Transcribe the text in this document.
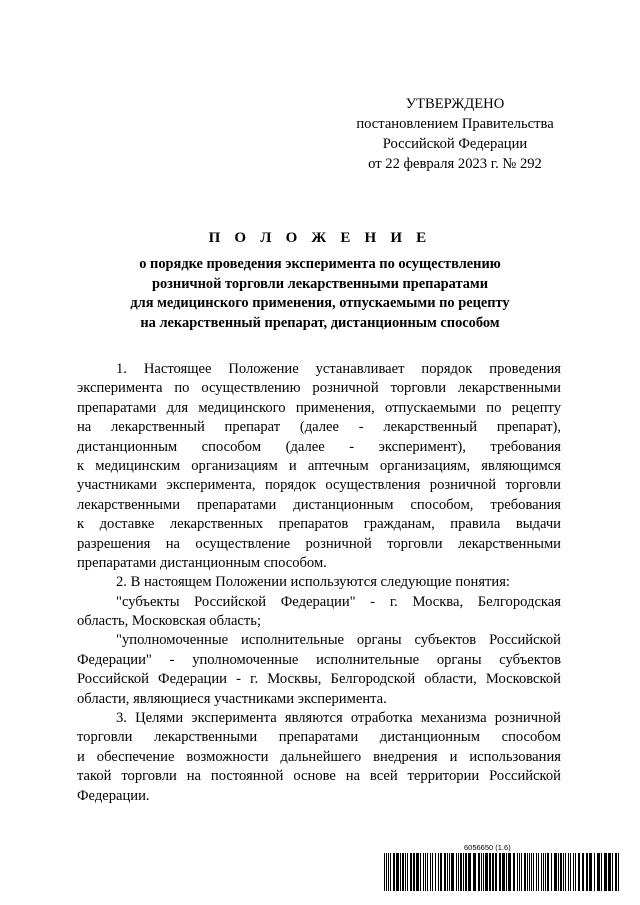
УТВЕРЖДЕНО
постановлением Правительства
Российской Федерации
от 22 февраля 2023 г. № 292
П О Л О Ж Е Н И Е
о порядке проведения эксперимента по осуществлению
розничной торговли лекарственными препаратами
для медицинского применения, отпускаемыми по рецепту
на лекарственный препарат, дистанционным способом
1. Настоящее Положение устанавливает порядок проведения
эксперимента по осуществлению розничной торговли лекарственными
препаратами для медицинского применения, отпускаемыми по рецепту
на лекарственный препарат (далее - лекарственный препарат),
дистанционным способом (далее - эксперимент), требования
к медицинским организациям и аптечным организациям, являющимся
участниками эксперимента, порядок осуществления розничной торговли
лекарственными препаратами дистанционным способом, требования
к доставке лекарственных препаратов гражданам, правила выдачи
разрешения на осуществление розничной торговли лекарственными
препаратами дистанционным способом.
2. В настоящем Положении используются следующие понятия:
"субъекты Российской Федерации" - г. Москва, Белгородская
область, Московская область;
"уполномоченные исполнительные органы субъектов Российской
Федерации" - уполномоченные исполнительные органы субъектов
Российской Федерации - г. Москвы, Белгородской области, Московской
области, являющиеся участниками эксперимента.
3. Целями эксперимента являются отработка механизма розничной
торговли лекарственными препаратами дистанционным способом
и обеспечение возможности дальнейшего внедрения и использования
такой торговли на постоянной основе на всей территории Российской
Федерации.
6056650 (1.6)
